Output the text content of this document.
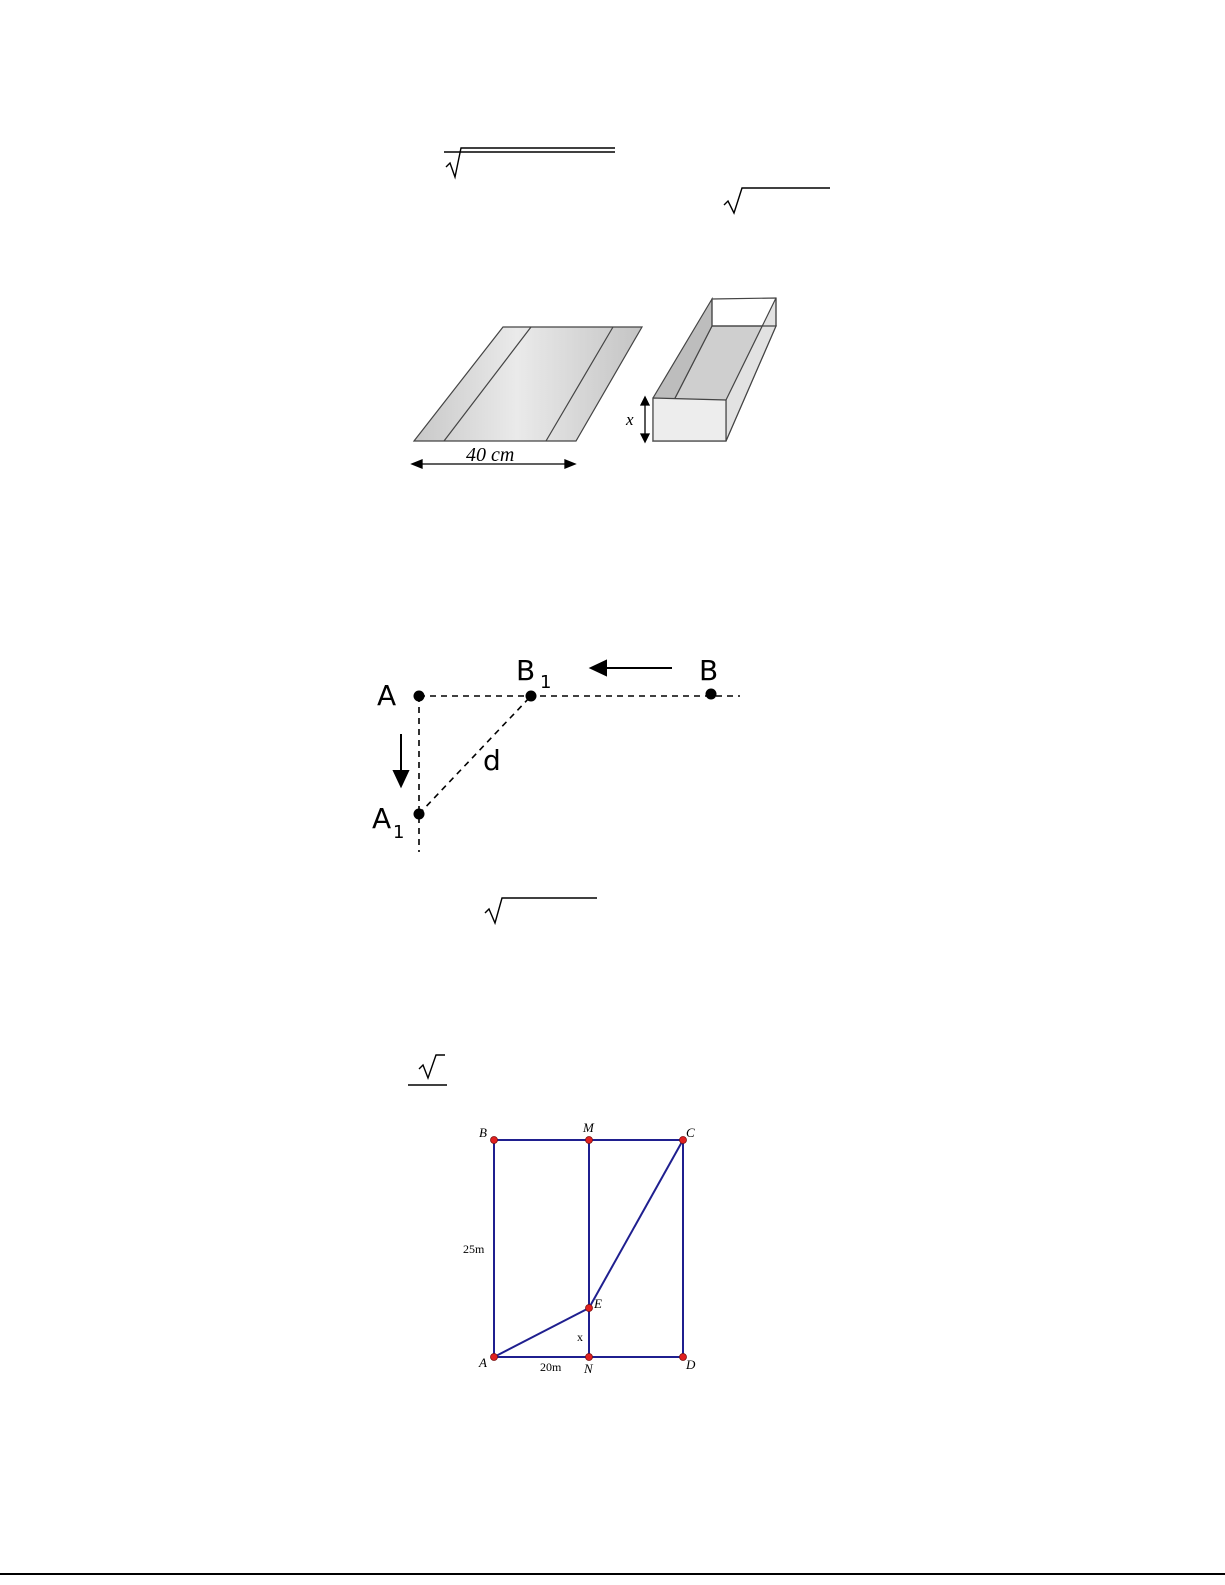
40 cm
x
A
B
B 1
A 1
d
B	M	C
E
A	N	D
25m
20m
x
